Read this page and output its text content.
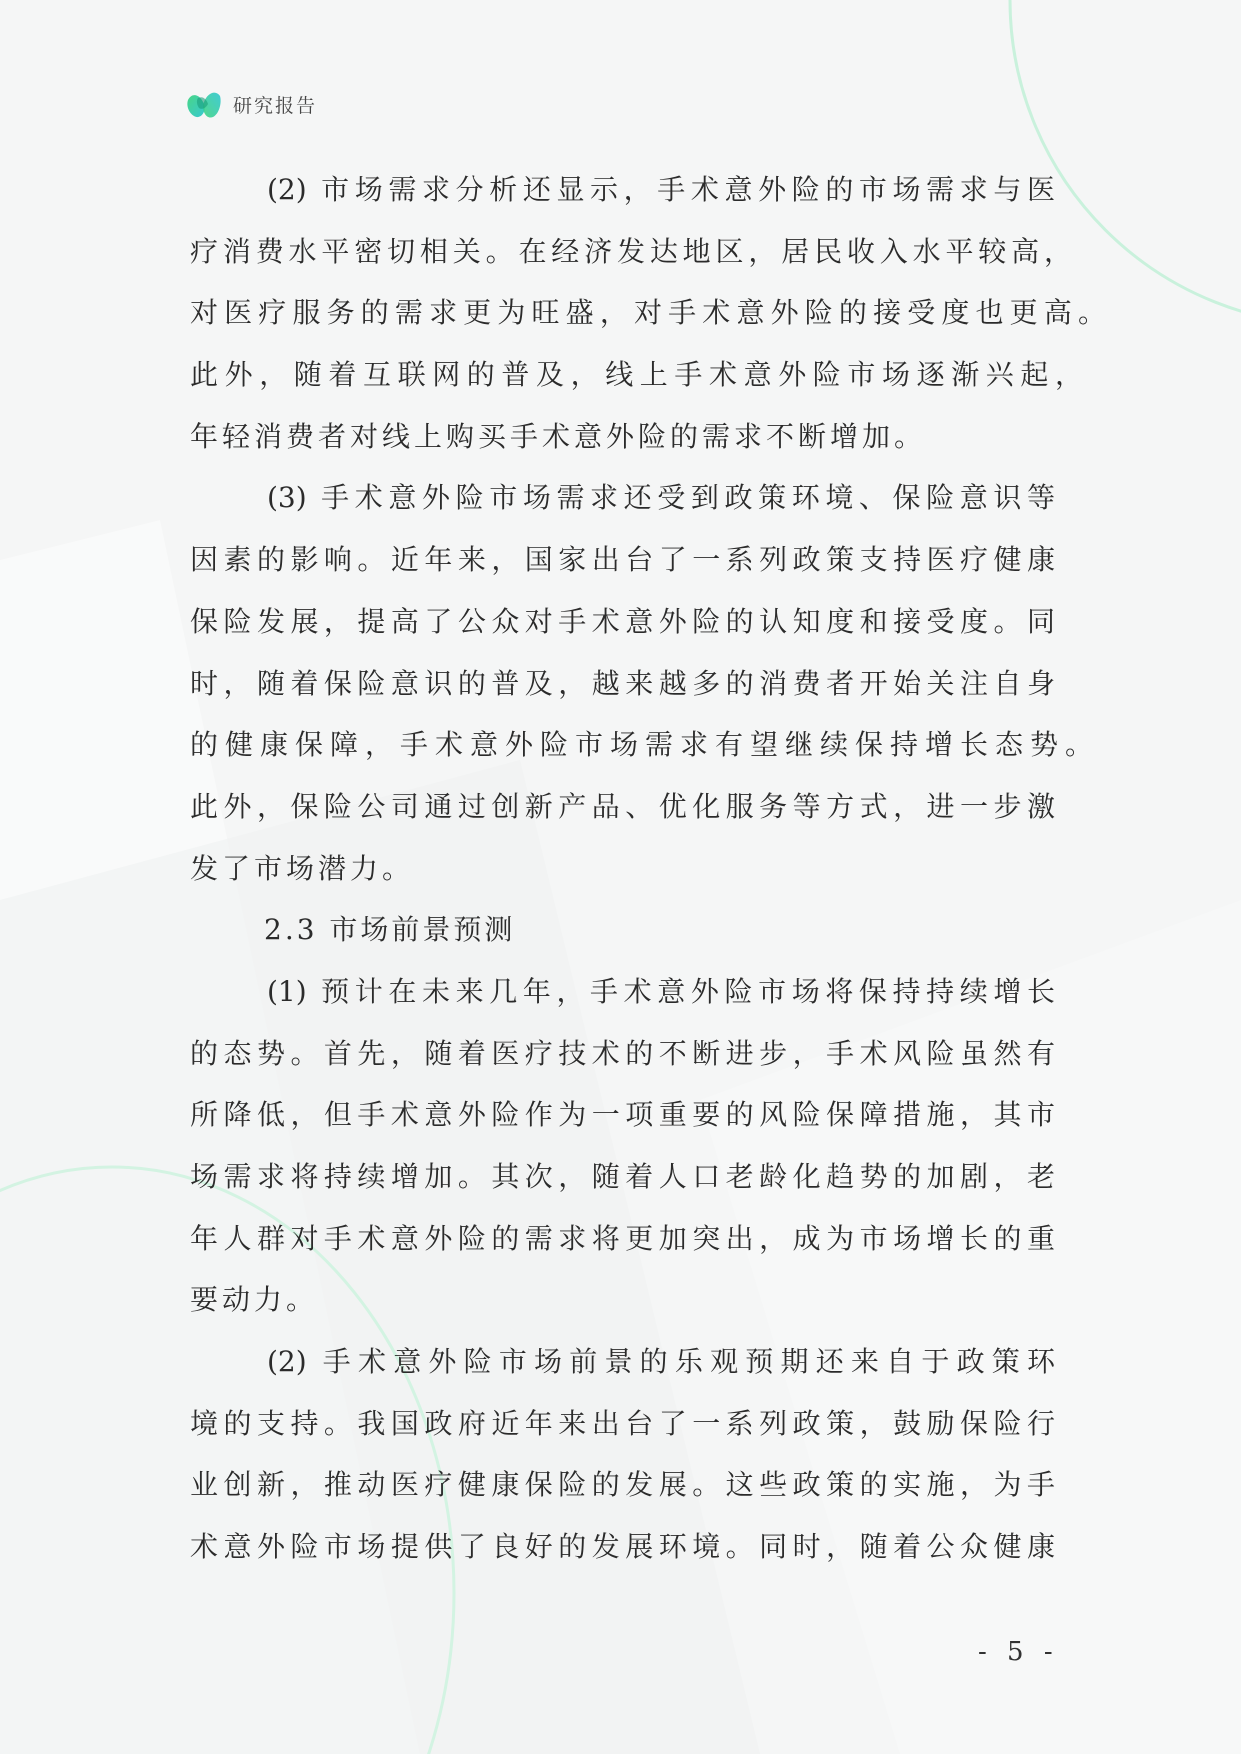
研究报告
(2) 市场需求分析还显示，手术意外险的市场需求与医
疗消费水平密切相关。在经济发达地区，居民收入水平较高，
对医疗服务的需求更为旺盛，对手术意外险的接受度也更高。
此外，随着互联网的普及，线上手术意外险市场逐渐兴起，
年轻消费者对线上购买手术意外险的需求不断增加。
(3) 手术意外险市场需求还受到政策环境、保险意识等
因素的影响。近年来，国家出台了一系列政策支持医疗健康
保险发展，提高了公众对手术意外险的认知度和接受度。同
时，随着保险意识的普及，越来越多的消费者开始关注自身
的健康保障，手术意外险市场需求有望继续保持增长态势。
此外，保险公司通过创新产品、优化服务等方式，进一步激
发了市场潜力。
2.3 市场前景预测
(1) 预计在未来几年，手术意外险市场将保持持续增长
的态势。首先，随着医疗技术的不断进步，手术风险虽然有
所降低，但手术意外险作为一项重要的风险保障措施，其市
场需求将持续增加。其次，随着人口老龄化趋势的加剧，老
年人群对手术意外险的需求将更加突出，成为市场增长的重
要动力。
(2) 手术意外险市场前景的乐观预期还来自于政策环
境的支持。我国政府近年来出台了一系列政策，鼓励保险行
业创新，推动医疗健康保险的发展。这些政策的实施，为手
术意外险市场提供了良好的发展环境。同时，随着公众健康
- 5 -
